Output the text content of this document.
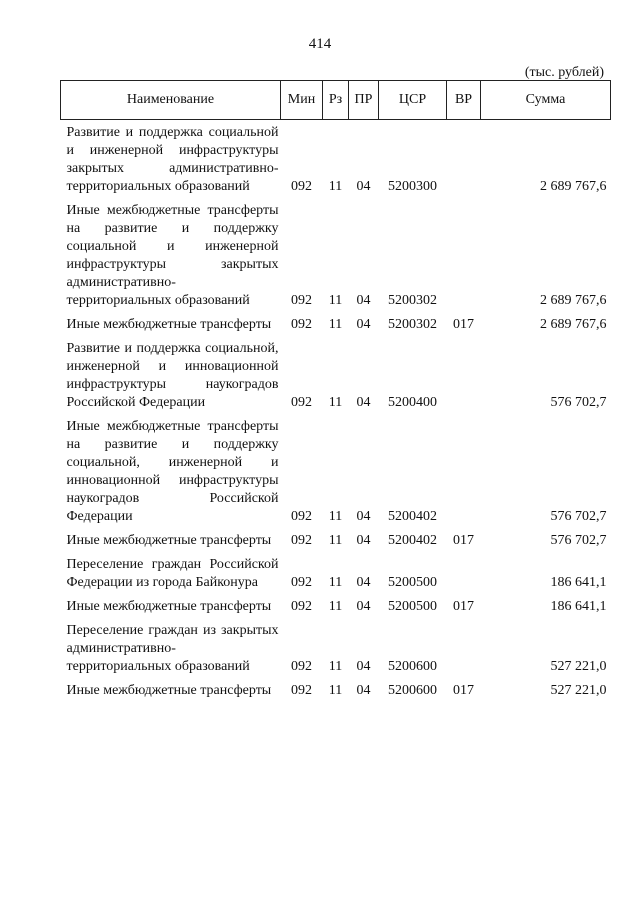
414
(тыс. рублей)
Наименование	Мин	Рз	ПР	ЦСР	ВР	Сумма
Развитие и поддержка социальной и инженерной инфраструктуры закрытых административно-территориальных образований	092	11	04	5200300		2 689 767,6
Иные межбюджетные трансферты на развитие и поддержку социальной и инженерной инфраструктуры закрытых административно-территориальных образований	092	11	04	5200302		2 689 767,6
Иные межбюджетные трансферты	092	11	04	5200302	017	2 689 767,6
Развитие и поддержка социальной, инженерной и инновационной инфраструктуры наукоградов Российской Федерации	092	11	04	5200400		576 702,7
Иные межбюджетные трансферты на развитие и поддержку социальной, инженерной и инновационной инфраструктуры наукоградов Российской Федерации	092	11	04	5200402		576 702,7
Иные межбюджетные трансферты	092	11	04	5200402	017	576 702,7
Переселение граждан Российской Федерации из города Байконура	092	11	04	5200500		186 641,1
Иные межбюджетные трансферты	092	11	04	5200500	017	186 641,1
Переселение граждан из закрытых административно-территориальных образований	092	11	04	5200600		527 221,0
Иные межбюджетные трансферты	092	11	04	5200600	017	527 221,0
